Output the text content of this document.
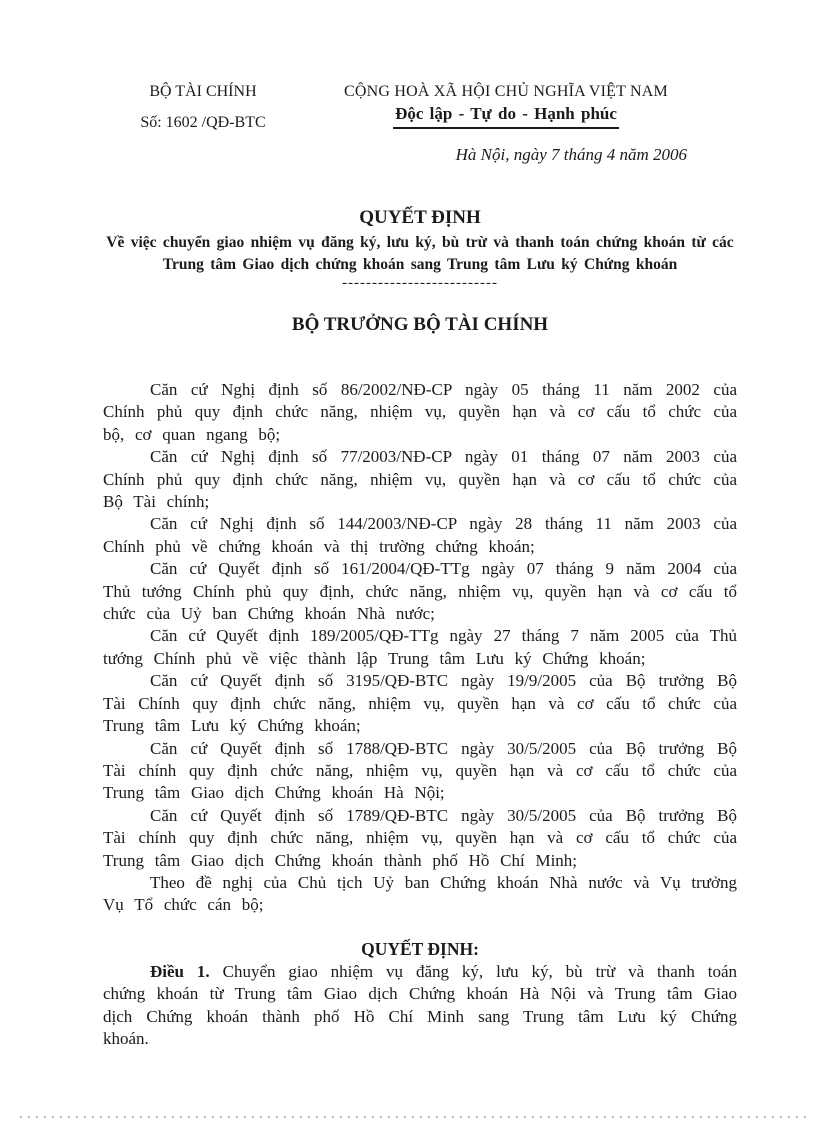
BỘ TÀI CHÍNH
Số: 1602 /QĐ-BTC
CỘNG HOÀ XÃ HỘI CHỦ NGHĨA VIỆT NAM
Độc lập - Tự do - Hạnh phúc
Hà Nội, ngày 7 tháng 4 năm 2006
QUYẾT ĐỊNH
Về việc chuyển giao nhiệm vụ đăng ký, lưu ký, bù trừ và thanh toán chứng khoán từ các
Trung tâm Giao dịch chứng khoán sang Trung tâm Lưu ký Chứng khoán
--------------------------
BỘ TRƯỞNG BỘ TÀI CHÍNH

Căn cứ Nghị định số 86/2002/NĐ-CP ngày 05 tháng 11 năm 2002 của Chính phủ quy định chức năng, nhiệm vụ, quyền hạn và cơ cấu tổ chức của bộ, cơ quan ngang bộ;

Căn cứ Nghị định số 77/2003/NĐ-CP ngày 01 tháng 07 năm 2003 của Chính phủ quy định chức năng, nhiệm vụ, quyền hạn và cơ cấu tổ chức của Bộ Tài chính;

Căn cứ Nghị định số 144/2003/NĐ-CP ngày 28 tháng 11 năm 2003 của Chính phủ về chứng khoán và thị trường chứng khoán;

Căn cứ Quyết định số 161/2004/QĐ-TTg ngày 07 tháng 9 năm 2004 của Thủ tướng Chính phủ quy định, chức năng, nhiệm vụ, quyền hạn và cơ cấu tổ chức của Uỷ ban Chứng khoán Nhà nước;

Căn cứ Quyết định 189/2005/QĐ-TTg ngày 27 tháng 7 năm 2005 của Thủ tướng Chính phủ về việc thành lập Trung tâm Lưu ký Chứng khoán;

Căn cứ Quyết định số 3195/QĐ-BTC ngày 19/9/2005 của Bộ trưởng Bộ Tài Chính quy định chức năng, nhiệm vụ, quyền hạn và cơ cấu tổ chức của Trung tâm Lưu ký Chứng khoán;

Căn cứ Quyết định số 1788/QĐ-BTC ngày 30/5/2005 của Bộ trưởng Bộ Tài chính quy định chức năng, nhiệm vụ, quyền hạn và cơ cấu tổ chức của Trung tâm Giao dịch Chứng khoán Hà Nội;

Căn cứ Quyết định số 1789/QĐ-BTC ngày 30/5/2005 của Bộ trưởng Bộ Tài chính quy định chức năng, nhiệm vụ, quyền hạn và cơ cấu tổ chức của Trung tâm Giao dịch Chứng khoán thành phố Hồ Chí Minh;

Theo đề nghị của Chủ tịch Uỷ ban Chứng khoán Nhà nước và Vụ trưởng Vụ Tổ chức cán bộ;

QUYẾT ĐỊNH:

Điều 1. Chuyển giao nhiệm vụ đăng ký, lưu ký, bù trừ và thanh toán chứng khoán từ Trung tâm Giao dịch Chứng khoán Hà Nội và Trung tâm Giao dịch Chứng khoán thành phố Hồ Chí Minh sang Trung tâm Lưu ký Chứng khoán.
